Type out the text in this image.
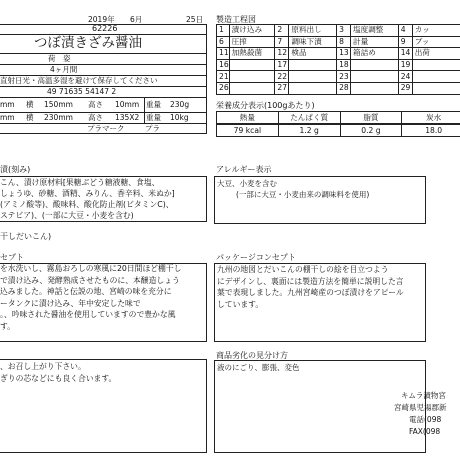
2019年 6月	25日
62226
つぼ漬きざみ醤油
荷　姿
4ヶ月間
直射日光・高温多湿を避けて保存してください
49 71635 54147 2
mm 横 150mm 高さ 10mm 重量 230g
mm 横 230mm 高さ 135X2 重量 10kg
プラマーク	プラ
製造工程図
1	漬け込み	2	原料出し	3	塩度調整	4	カッ
6	圧搾	7	調味下漬	8	計量	9	ブッ
11	加熱殺菌	12	検品	13	箱詰め	14	出荷
16		17		18		19	
21		22		23		24	
26		27		28		29	
栄養成分表示(100gあたり)
熱量	たんぱく質	脂質	炭水
79 kcal	1.2 g	0.2 g	18.0
漬(刻み)
こん、漬け原材料[果糖ぶどう糖液糖、食塩、
しょうゆ、砂糖、酒精、みりん、香辛料、米ぬか]
(アミノ酸等)、酸味料、酸化防止剤(ビタミンC)、
ステビア)、(一部に大豆・小麦を含む)
干しだいこん)
アレルギー表示
大豆、小麦を含む
(一部に大豆・小麦由来の調味料を使用)
セプト
を水洗いし、霧島おろしの寒風に20日間ほど棚干し
で漬け込み、発酵熟成させたものに、本醸造しょう
込みました。神話と伝説の地、宮崎の味を充分に
ータンクに漬け込み、年中安定した味で
。、吟味された醤油を使用していますので豊かな風
す。
パッケージコンセプト
九州の地図とだいこんの棚干しの絵を目立つよう
にデザインし、裏面には製造方法を簡単に説明した言
葉で表現しました。九州宮崎産のつぼ漬けをアピール
しています。
、お召し上がり下さい。
ぎりの芯などにも良く合います。
商品劣化の見分け方
液のにごり、膨張、変色
キムラ漬物宮
宮崎県児湯郡新
電話(098
FAX(098
